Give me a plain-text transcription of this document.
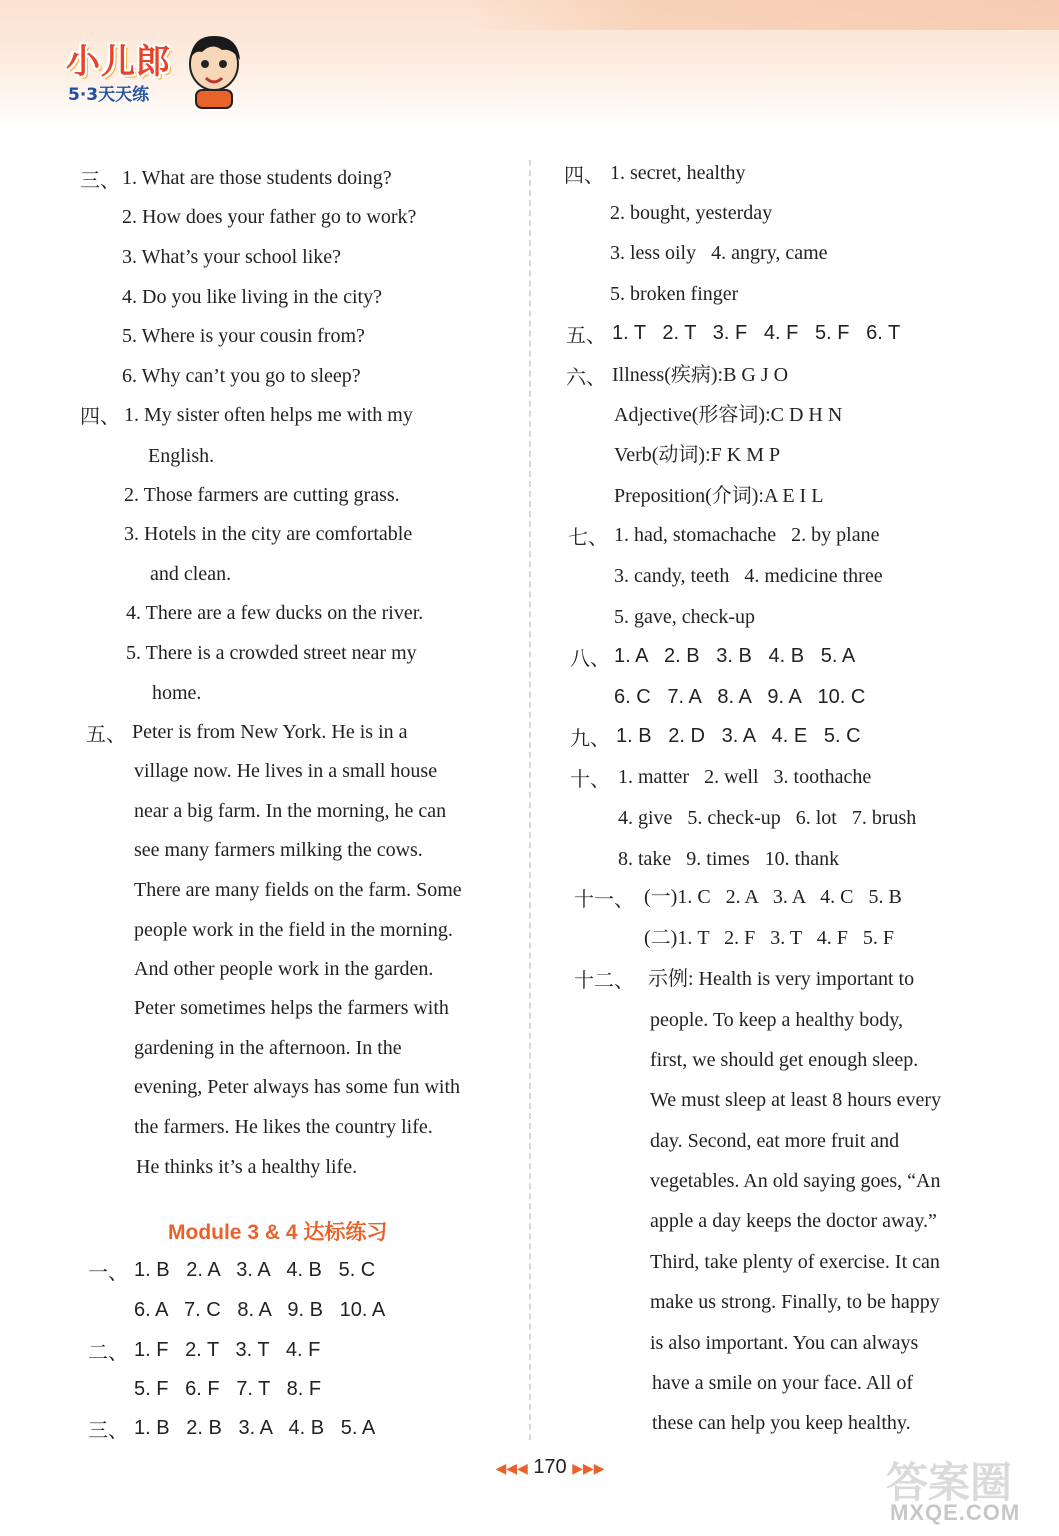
小儿郎
5·3天天练
三、 1. What are those students doing?
2. How does your father go to work?
3. What’s your school like?
4. Do you like living in the city?
5. Where is your cousin from?
6. Why can’t you go to sleep?
四、 1. My sister often helps me with my
English.
2. Those farmers are cutting grass.
3. Hotels in the city are comfortable
and clean.
4. There are a few ducks on the river.
5. There is a crowded street near my
home.
五、 Peter is from New York. He is in a
village now. He lives in a small house
near a big farm. In the morning, he can
see many farmers milking the cows.
There are many fields on the farm. Some
people work in the field in the morning.
And other people work in the garden.
Peter sometimes helps the farmers with
gardening in the afternoon. In the
evening, Peter always has some fun with
the farmers. He likes the country life.
He thinks it’s a healthy life.
Module 3 & 4 达标练习
一、 1. B   2. A   3. A   4. B   5. C
6. A   7. C   8. A   9. B   10. A
二、 1. F   2. T   3. T   4. F
5. F   6. F   7. T   8. F
三、 1. B   2. B   3. A   4. B   5. A
四、 1. secret, healthy
2. bought, yesterday
3. less oily   4. angry, came
5. broken finger
五、 1. T   2. T   3. F   4. F   5. F   6. T
六、 Illness(疾病):B G J O
Adjective(形容词):C D H N
Verb(动词):F K M P
Preposition(介词):A E I L
七、 1. had, stomachache   2. by plane
3. candy, teeth   4. medicine three
5. gave, check-up
八、 1. A   2. B   3. B   4. B   5. A
6. C   7. A   8. A   9. A   10. C
九、 1. B   2. D   3. A   4. E   5. C
十、 1. matter   2. well   3. toothache
4. give   5. check-up   6. lot   7. brush
8. take   9. times   10. thank
十一、 (一)1. C   2. A   3. A   4. C   5. B
(二)1. T   2. F   3. T   4. F   5. F
十二、 示例: Health is very important to
people. To keep a healthy body,
first, we should get enough sleep.
We must sleep at least 8 hours every
day. Second, eat more fruit and
vegetables. An old saying goes, “An
apple a day keeps the doctor away.”
Third, take plenty of exercise. It can
make us strong. Finally, to be happy
is also important. You can always
have a smile on your face. All of
these can help you keep healthy.
◀◀◀ 170 ▶▶▶	答案圈
MXQE.COM
